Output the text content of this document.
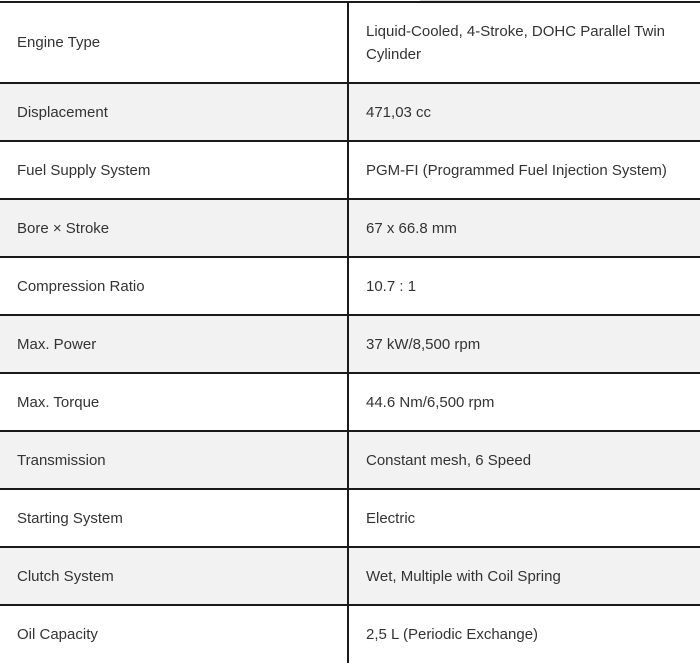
Engine Type	Liquid-Cooled, 4-Stroke, DOHC Parallel Twin Cylinder
Displacement	471,03 cc
Fuel Supply System	PGM-FI (Programmed Fuel Injection System)
Bore × Stroke	67 x 66.8 mm
Compression Ratio	10.7 : 1
Max. Power	37 kW/8,500 rpm
Max. Torque	44.6 Nm/6,500 rpm
Transmission	Constant mesh, 6 Speed
Starting System	Electric
Clutch System	Wet, Multiple with Coil Spring
Oil Capacity	2,5 L (Periodic Exchange)
